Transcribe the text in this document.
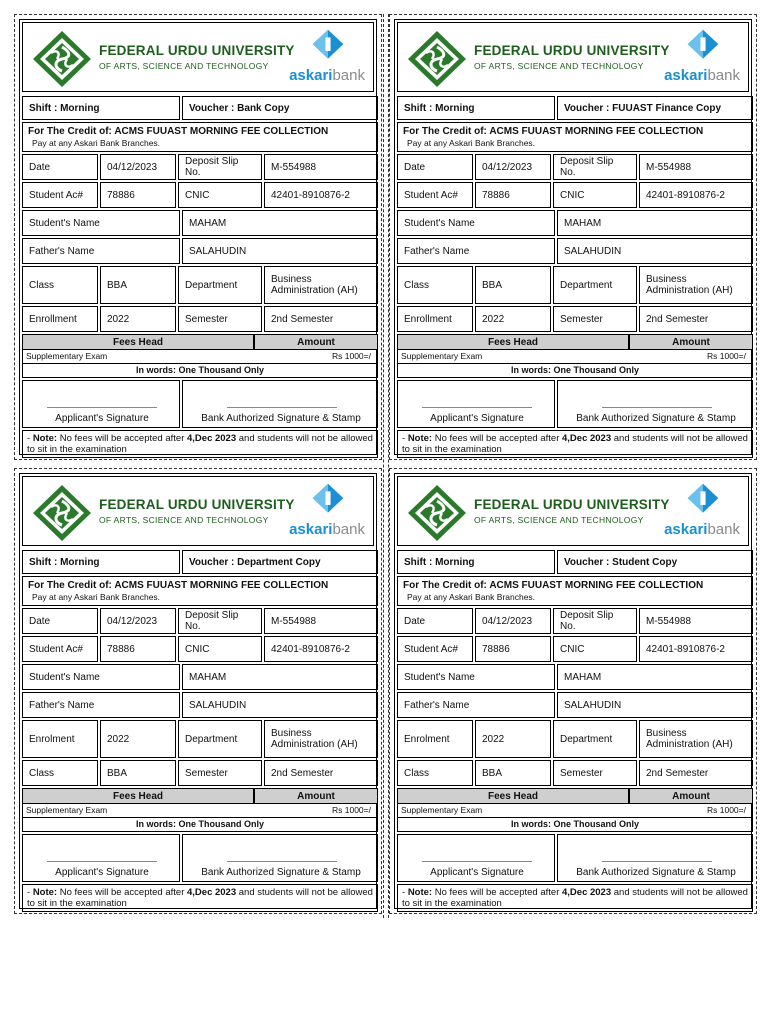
FEDERAL URDU UNIVERSITY
OF ARTS, SCIENCE AND TECHNOLOGY
askaribank
Shift : Morning	Voucher : Bank Copy
For The Credit of: ACMS FUUAST MORNING FEE COLLECTION
Pay at any Askari Bank Branches.
Date	04/12/2023	Deposit Slip No.	M-554988
Student Ac#	78886	CNIC	42401-8910876-2
Student's Name	MAHAM
Father's Name	SALAHUDIN
Class	BBA	Department	Business Administration (AH)
Enrollment	2022	Semester	2nd Semester
Fees Head	Amount
Supplementary Exam	Rs 1000=/
In words: One Thousand Only
Applicant's Signature	Bank Authorized Signature & Stamp
- Note: No fees will be accepted after 4,Dec 2023 and students will not be allowed to sit in the examination
FEDERAL URDU UNIVERSITY
OF ARTS, SCIENCE AND TECHNOLOGY
askaribank
Shift : Morning	Voucher : FUUAST Finance Copy
For The Credit of: ACMS FUUAST MORNING FEE COLLECTION
Pay at any Askari Bank Branches.
Date	04/12/2023	Deposit Slip No.	M-554988
Student Ac#	78886	CNIC	42401-8910876-2
Student's Name	MAHAM
Father's Name	SALAHUDIN
Class	BBA	Department	Business Administration (AH)
Enrollment	2022	Semester	2nd Semester
Fees Head	Amount
Supplementary Exam	Rs 1000=/
In words: One Thousand Only
Applicant's Signature	Bank Authorized Signature & Stamp
- Note: No fees will be accepted after 4,Dec 2023 and students will not be allowed to sit in the examination
FEDERAL URDU UNIVERSITY
OF ARTS, SCIENCE AND TECHNOLOGY
askaribank
Shift : Morning	Voucher : Department Copy
For The Credit of: ACMS FUUAST MORNING FEE COLLECTION
Pay at any Askari Bank Branches.
Date	04/12/2023	Deposit Slip No.	M-554988
Student Ac#	78886	CNIC	42401-8910876-2
Student's Name	MAHAM
Father's Name	SALAHUDIN
Enrolment	2022	Department	Business Administration (AH)
Class	BBA	Semester	2nd Semester
Fees Head	Amount
Supplementary Exam	Rs 1000=/
In words: One Thousand Only
Applicant's Signature	Bank Authorized Signature & Stamp
- Note: No fees will be accepted after 4,Dec 2023 and students will not be allowed to sit in the examination
FEDERAL URDU UNIVERSITY
OF ARTS, SCIENCE AND TECHNOLOGY
askaribank
Shift : Morning	Voucher : Student Copy
For The Credit of: ACMS FUUAST MORNING FEE COLLECTION
Pay at any Askari Bank Branches.
Date	04/12/2023	Deposit Slip No.	M-554988
Student Ac#	78886	CNIC	42401-8910876-2
Student's Name	MAHAM
Father's Name	SALAHUDIN
Enrolment	2022	Department	Business Administration (AH)
Class	BBA	Semester	2nd Semester
Fees Head	Amount
Supplementary Exam	Rs 1000=/
In words: One Thousand Only
Applicant's Signature	Bank Authorized Signature & Stamp
- Note: No fees will be accepted after 4,Dec 2023 and students will not be allowed to sit in the examination
